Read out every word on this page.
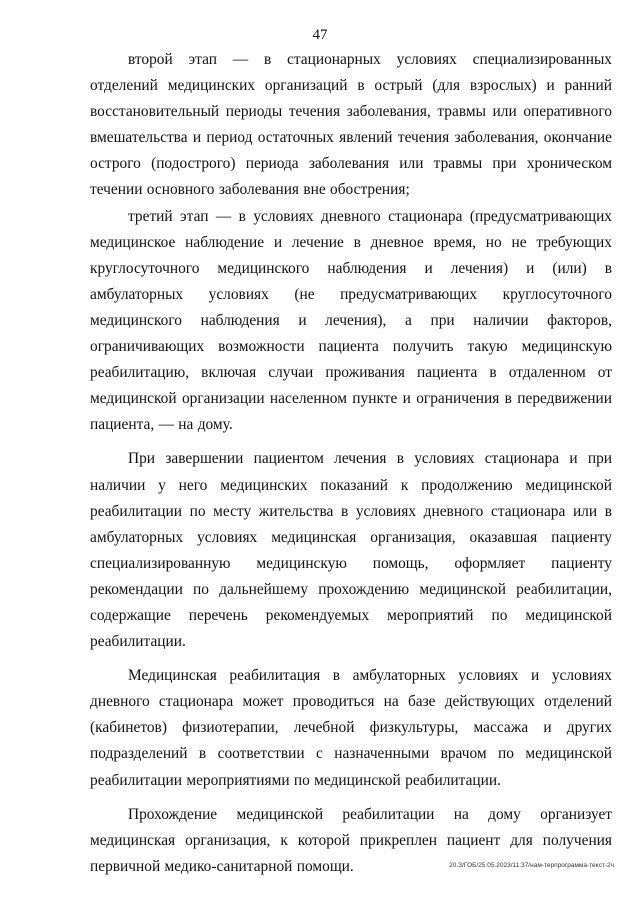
47

второй этап — в стационарных условиях специализированных отделений медицинских организаций в острый (для взрослых) и ранний восстановительный периоды течения заболевания, травмы или оперативного вмешательства и период остаточных явлений течения заболевания, окончание острого (подострого) периода заболевания или травмы при хроническом течении основного заболевания вне обострения;

третий этап — в условиях дневного стационара (предусматривающих медицинское наблюдение и лечение в дневное время, но не требующих круглосуточного медицинского наблюдения и лечения) и (или) в амбулаторных условиях (не предусматривающих круглосуточного медицинского наблюдения и лечения), а при наличии факторов, ограничивающих возможности пациента получить такую медицинскую реабилитацию, включая случаи проживания пациента в отдаленном от медицинской организации населенном пункте и ограничения в передвижении пациента, — на дому.

При завершении пациентом лечения в условиях стационара и при наличии у него медицинских показаний к продолжению медицинской реабилитации по месту жительства в условиях дневного стационара или в амбулаторных условиях медицинская организация, оказавшая пациенту специализированную медицинскую помощь, оформляет пациенту рекомендации по дальнейшему прохождению медицинской реабилитации, содержащие перечень рекомендуемых мероприятий по медицинской реабилитации.

Медицинская реабилитация в амбулаторных условиях и условиях дневного стационара может проводиться на базе действующих отделений (кабинетов) физиотерапии, лечебной физкультуры, массажа и других подразделений в соответствии с назначенными врачом по медицинской реабилитации мероприятиями по медицинской реабилитации.

Прохождение медицинской реабилитации на дому организует медицинская организация, к которой прикреплен пациент для получения первичной медико-санитарной помощи.	20.З/ГОБ/25.05.2023/11:37/нам-терпрограмма-текст-2ч
